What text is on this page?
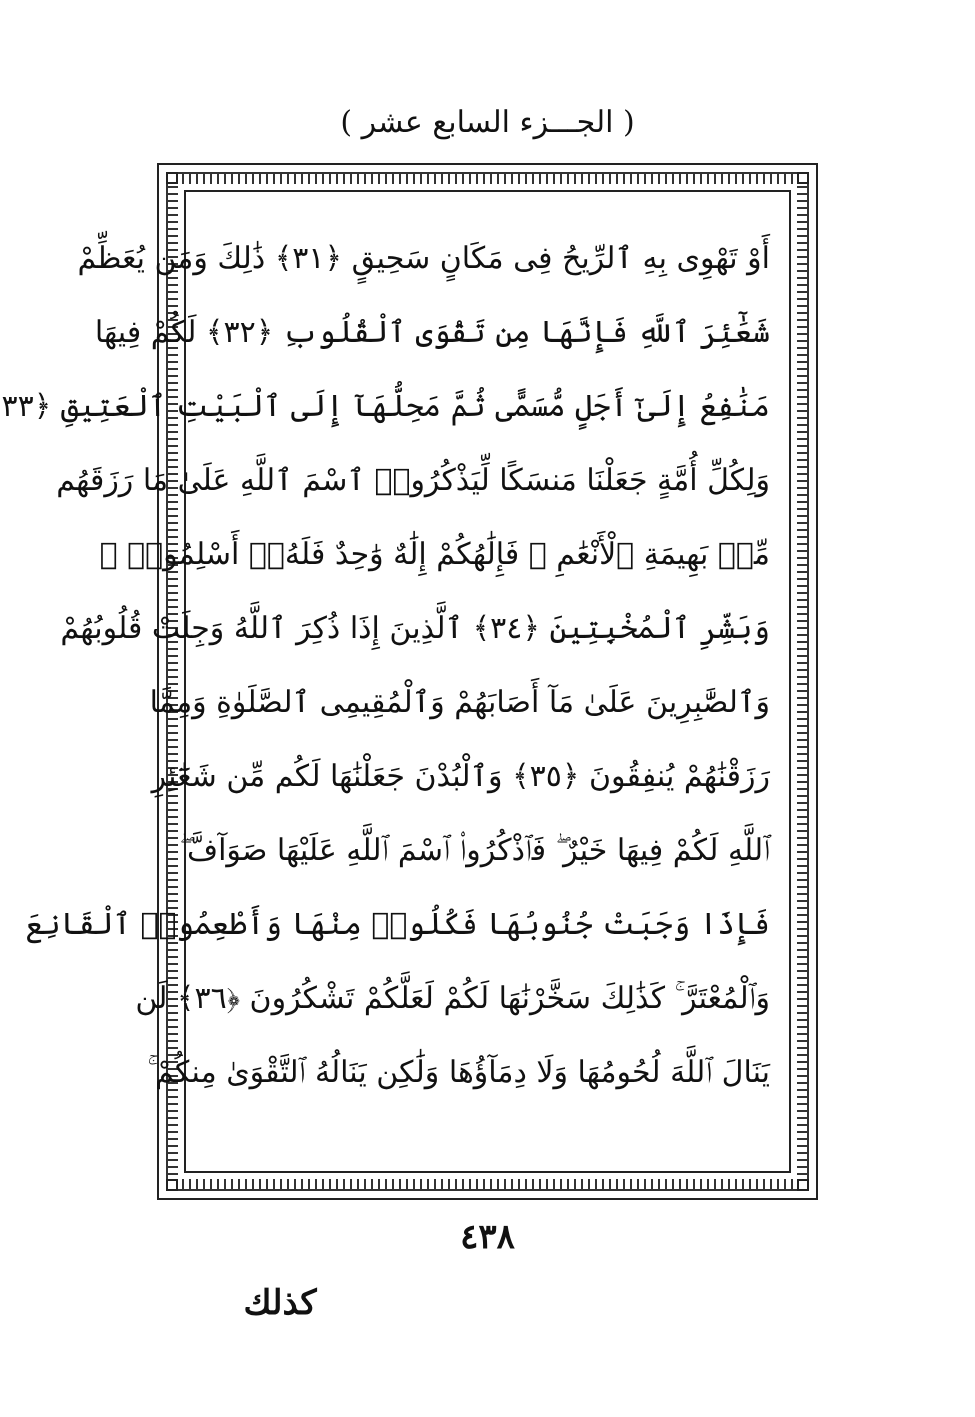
( الجـــزء السابع عشر )
أَوْ تَهْوِى بِهِ ٱلرِّيحُ فِى مَكَانٍ سَحِيقٍ ﴿٣١﴾ ذَٰلِكَ وَمَن يُعَظِّمْ
شَعَٰٓئِرَ ٱللَّهِ فَإِنَّهَا مِن تَقْوَى ٱلْقُلُوبِ ﴿٣٢﴾ لَكُمْ فِيهَا
مَنَٰفِعُ إِلَىٰٓ أَجَلٍ مُّسَمًّى ثُمَّ مَحِلُّهَآ إِلَى ٱلْبَيْتِ ٱلْعَتِيقِ ﴿٣٣
وَلِكُلِّ أُمَّةٍ جَعَلْنَا مَنسَكًا لِّيَذْكُرُوا۟ ٱسْمَ ٱللَّهِ عَلَىٰ مَا رَزَقَهُم
مِّنۢ بَهِيمَةِ ٱلْأَنْعَٰمِ ۗ فَإِلَٰهُكُمْ إِلَٰهٌ وَٰحِدٌ فَلَهُۥٓ أَسْلِمُوا۟ ۗ
وَبَشِّرِ ٱلْمُخْبِتِينَ ﴿٣٤﴾ ٱلَّذِينَ إِذَا ذُكِرَ ٱللَّهُ وَجِلَتْ قُلُوبُهُمْ
وَٱلصَّٰبِرِينَ عَلَىٰ مَآ أَصَابَهُمْ وَٱلْمُقِيمِى ٱلصَّلَوٰةِ وَمِمَّا
رَزَقْنَٰهُمْ يُنفِقُونَ ﴿٣٥﴾ وَٱلْبُدْنَ جَعَلْنَٰهَا لَكُم مِّن شَعَٰٓئِرِ
ٱللَّهِ لَكُمْ فِيهَا خَيْرٌ ۖ فَٱذْكُرُوا۟ ٱسْمَ ٱللَّهِ عَلَيْهَا صَوَآفَّ ۖ
فَإِذَا وَجَبَتْ جُنُوبُهَا فَكُلُوا۟ مِنْهَا وَأَطْعِمُوا۟ ٱلْقَانِعَ
وَٱلْمُعْتَرَّ ۚ كَذَٰلِكَ سَخَّرْنَٰهَا لَكُمْ لَعَلَّكُمْ تَشْكُرُونَ ﴿٣٦﴾ لَن
يَنَالَ ٱللَّهَ لُحُومُهَا وَلَا دِمَآؤُهَا وَلَٰكِن يَنَالُهُ ٱلتَّقْوَىٰ مِنكُمْ ۚ
٤٣٨
كذلك
